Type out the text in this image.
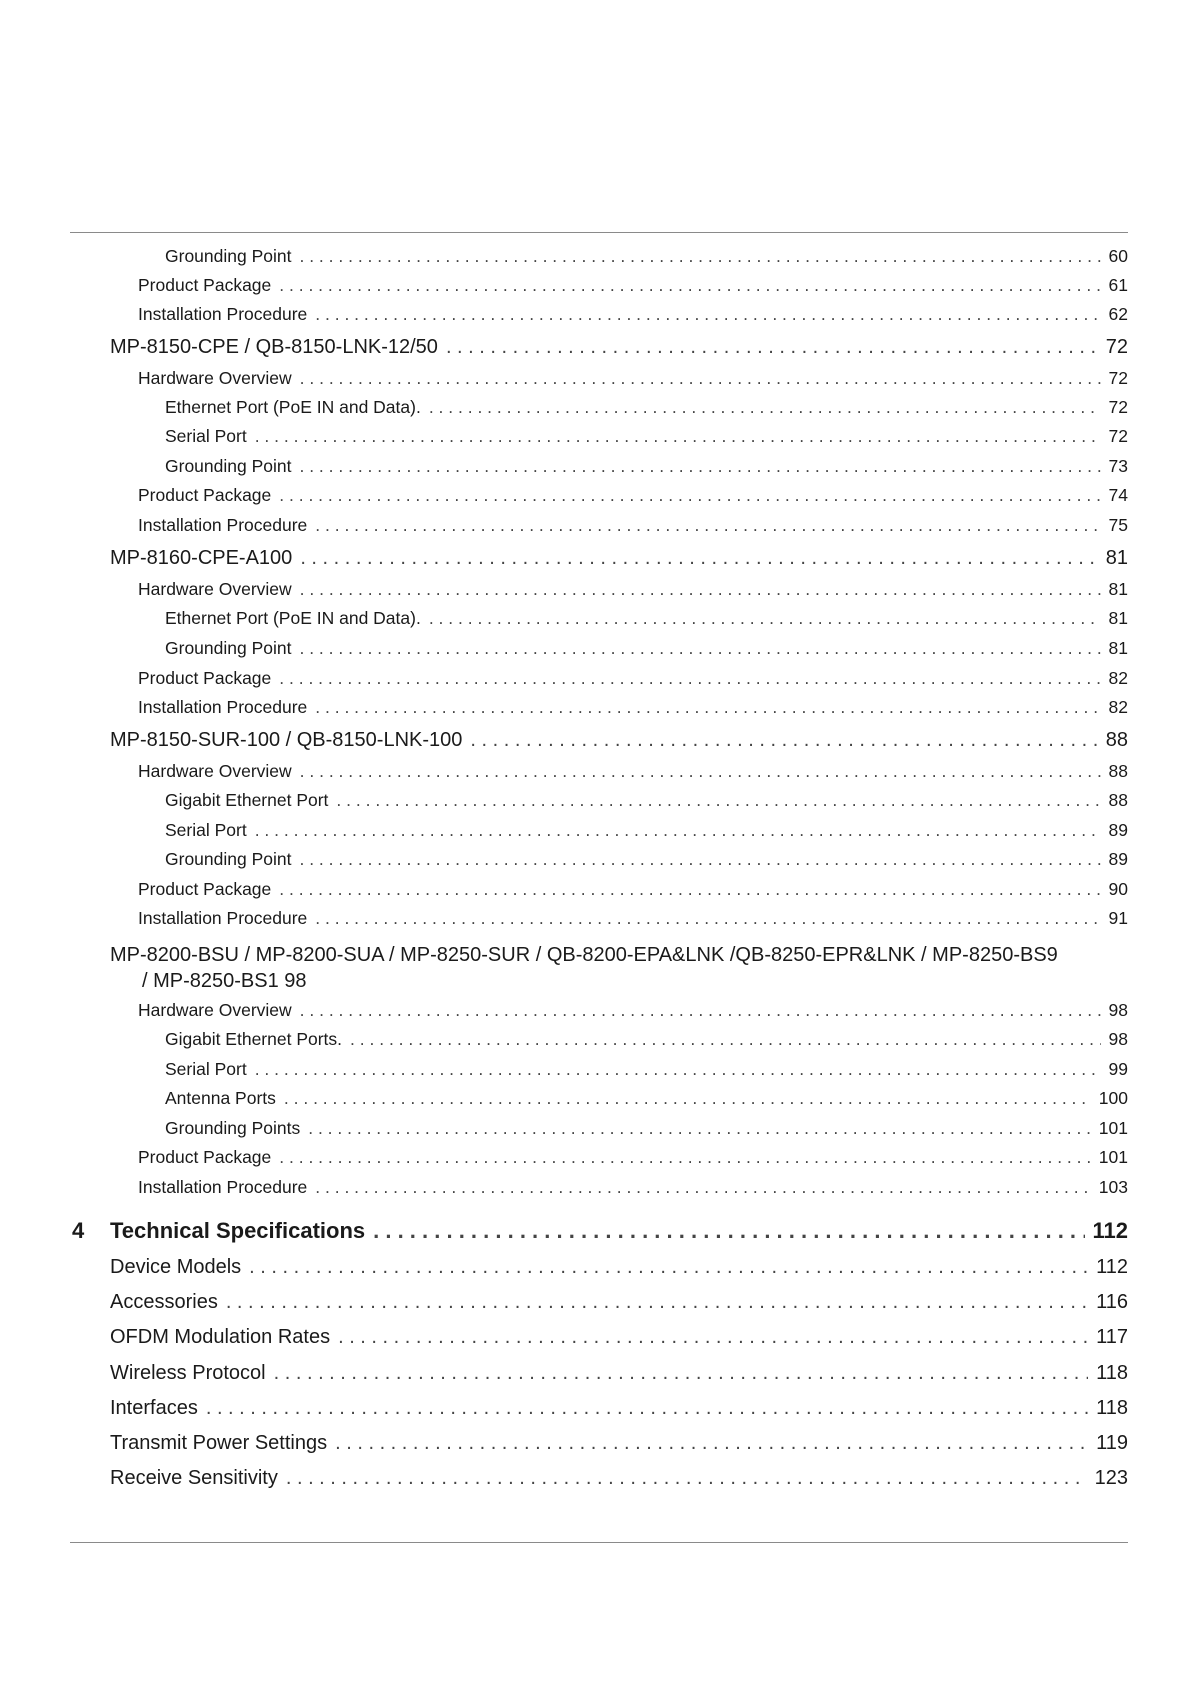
Grounding Point . . .	60
Product Package . . .	61
Installation Procedure . . .	62
MP-8150-CPE / QB-8150-LNK-12/50 . . .	72
Hardware Overview . . .	72
Ethernet Port (PoE IN and Data). . . .	72
Serial Port . . .	72
Grounding Point . . .	73
Product Package . . .	74
Installation Procedure . . .	75
MP-8160-CPE-A100 . . .	81
Hardware Overview . . .	81
Ethernet Port (PoE IN and Data). . . .	81
Grounding Point . . .	81
Product Package . . .	82
Installation Procedure . . .	82
MP-8150-SUR-100 / QB-8150-LNK-100 . . .	88
Hardware Overview . . .	88
Gigabit Ethernet Port . . .	88
Serial Port . . .	89
Grounding Point . . .	89
Product Package . . .	90
Installation Procedure . . .	91
MP-8200-BSU / MP-8200-SUA / MP-8250-SUR / QB-8200-EPA&LNK /QB-8250-EPR&LNK / MP-8250-BS9
/ MP-8250-BS1 98
Hardware Overview . . .	98
Gigabit Ethernet Ports. . . .	98
Serial Port . . .	99
Antenna Ports . . .	100
Grounding Points . . .	101
Product Package . . .	101
Installation Procedure . . .	103
4 Technical Specifications . . .	112
Device Models . . .	112
Accessories . . .	116
OFDM Modulation Rates . . .	117
Wireless Protocol . . .	118
Interfaces . . .	118
Transmit Power Settings . . .	119
Receive Sensitivity . . .	123
